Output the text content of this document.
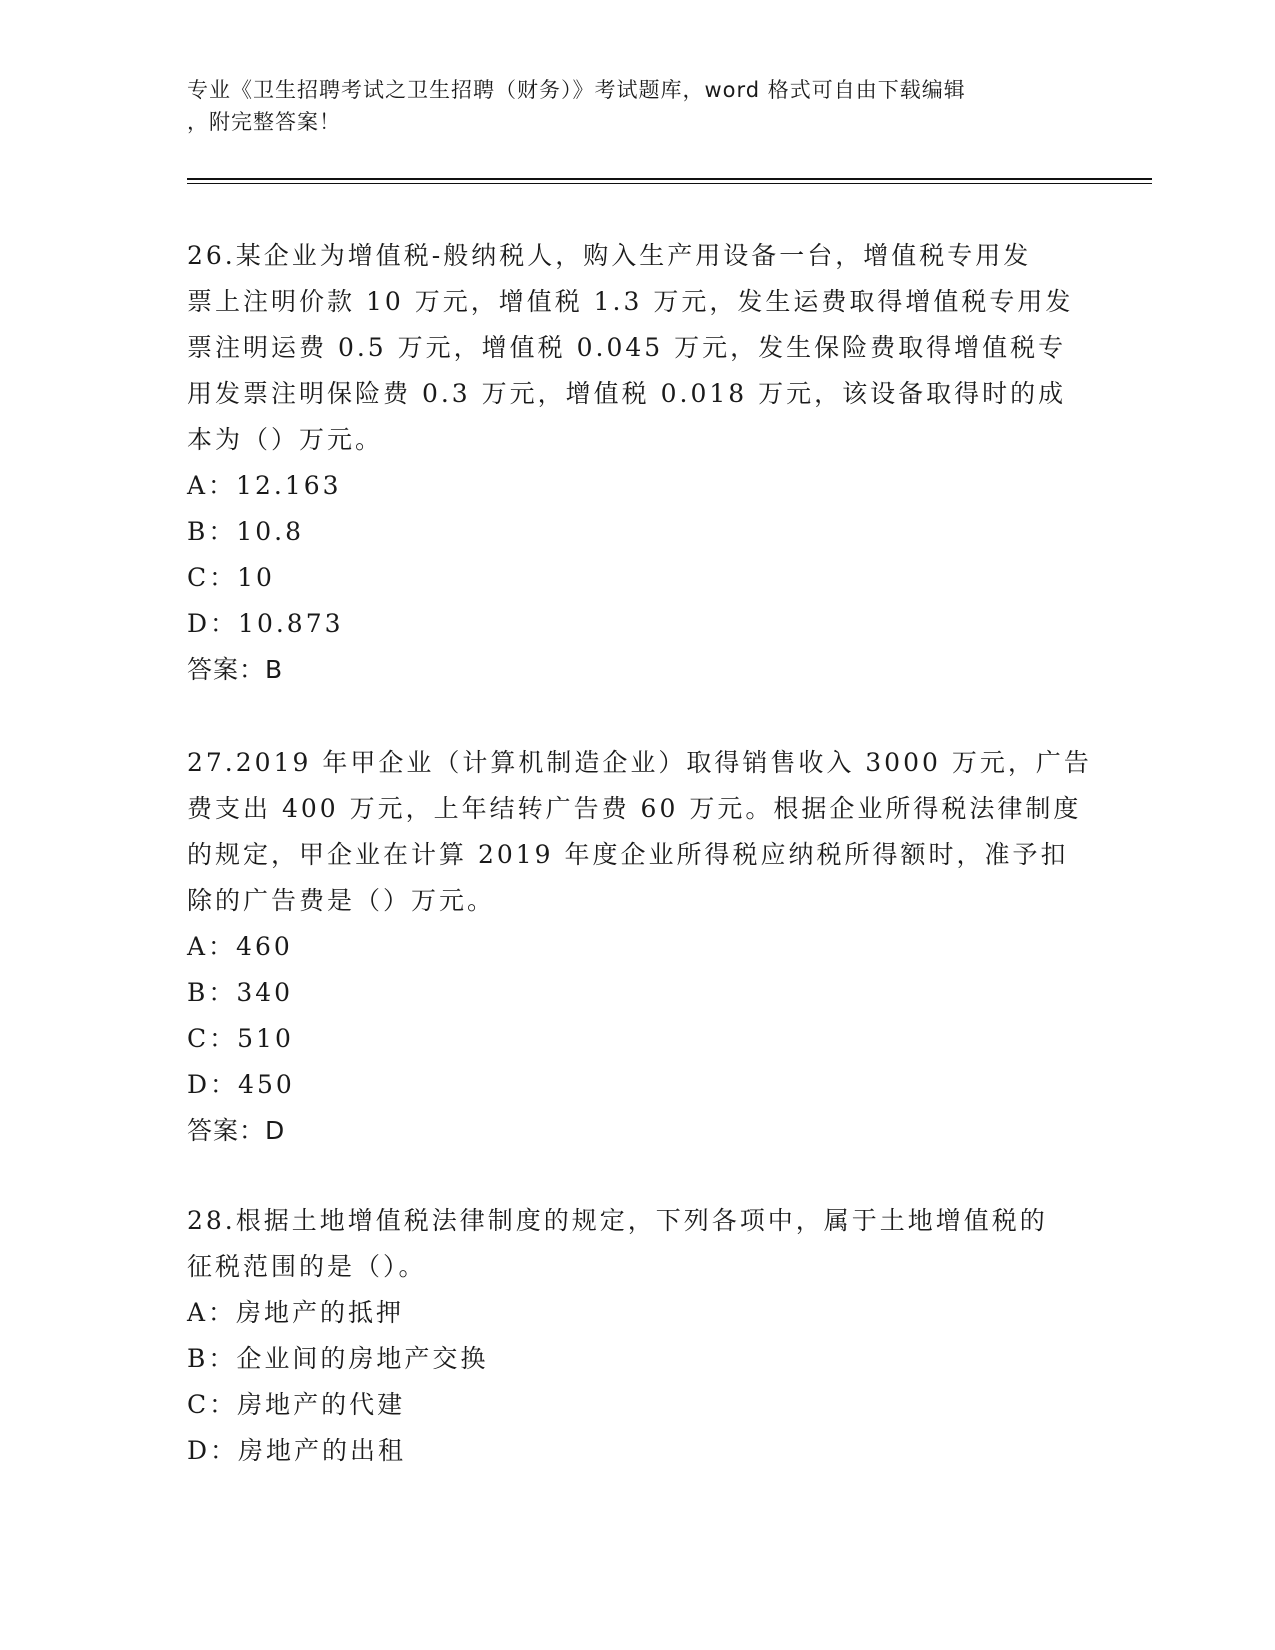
专业《卫生招聘考试之卫生招聘（财务）》考试题库，word 格式可自由下载编辑
，附完整答案！
26.某企业为增值税-般纳税人，购入生产用设备一台，增值税专用发
票上注明价款 10 万元，增值税 1.3 万元，发生运费取得增值税专用发
票注明运费 0.5 万元，增值税 0.045 万元，发生保险费取得增值税专
用发票注明保险费 0.3 万元，增值税 0.018 万元，该设备取得时的成
本为（）万元。
A：12.163
B：10.8
C：10
D：10.873
答案：B
27.2019 年甲企业（计算机制造企业）取得销售收入 3000 万元，广告
费支出 400 万元，上年结转广告费 60 万元。根据企业所得税法律制度
的规定，甲企业在计算 2019 年度企业所得税应纳税所得额时，准予扣
除的广告费是（）万元。
A：460
B：340
C：510
D：450
答案：D
28.根据土地增值税法律制度的规定，下列各项中，属于土地增值税的
征税范围的是（）。
A：房地产的抵押
B：企业间的房地产交换
C：房地产的代建
D：房地产的出租
